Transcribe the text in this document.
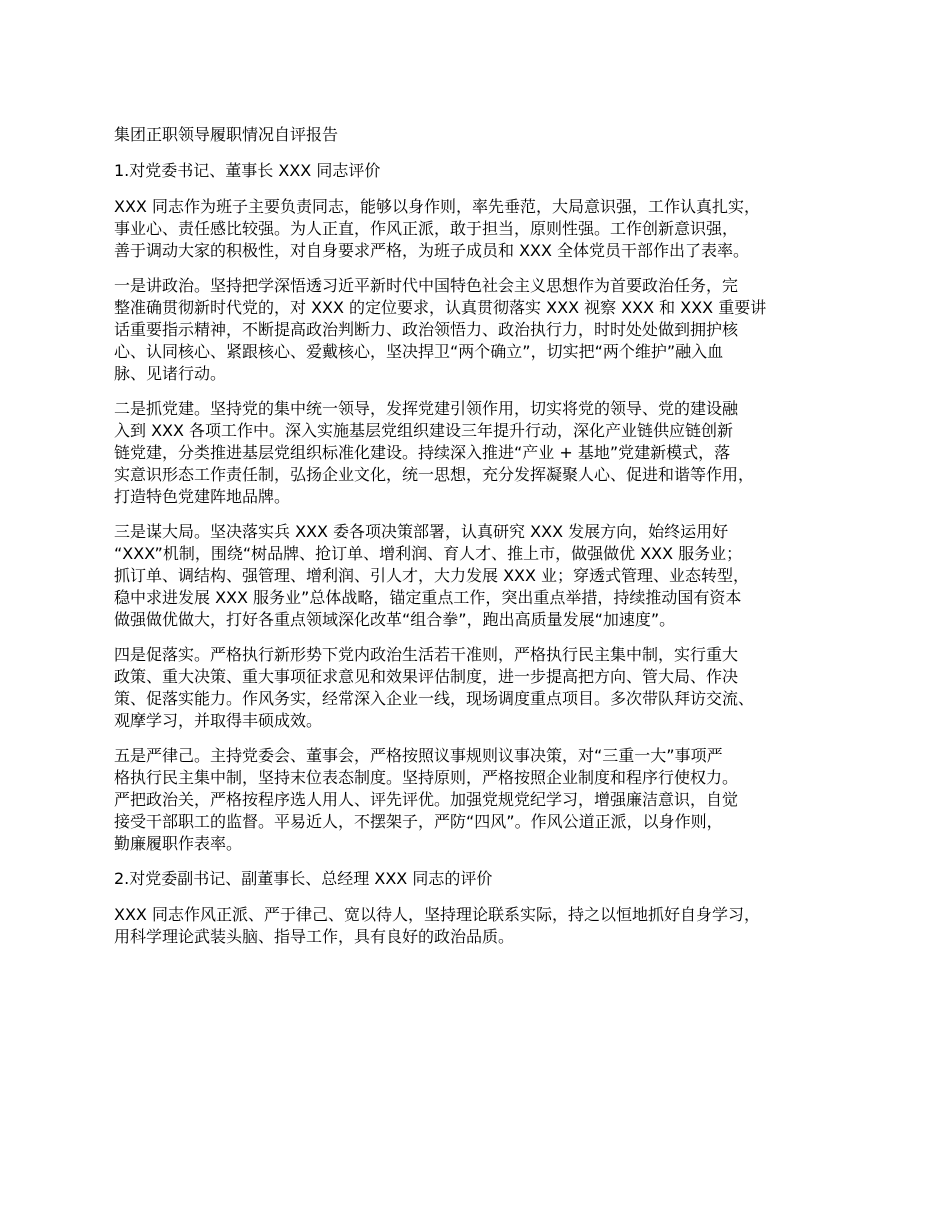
集团正职领导履职情况自评报告

1.对党委书记、董事长 XXX 同志评价

XXX 同志作为班子主要负责同志，能够以身作则，率先垂范，大局意识强，工作认真扎实，
事业心、责任感比较强。为人正直，作风正派，敢于担当，原则性强。工作创新意识强，
善于调动大家的积极性，对自身要求严格，为班子成员和 XXX 全体党员干部作出了表率。

一是讲政治。坚持把学深悟透习近平新时代中国特色社会主义思想作为首要政治任务，完
整准确贯彻新时代党的，对 XXX 的定位要求，认真贯彻落实 XXX 视察 XXX 和 XXX 重要讲
话重要指示精神，不断提高政治判断力、政治领悟力、政治执行力，时时处处做到拥护核
心、认同核心、紧跟核心、爱戴核心，坚决捍卫“两个确立”，切实把“两个维护”融入血
脉、见诸行动。

二是抓党建。坚持党的集中统一领导，发挥党建引领作用，切实将党的领导、党的建设融
入到 XXX 各项工作中。深入实施基层党组织建设三年提升行动，深化产业链供应链创新
链党建，分类推进基层党组织标准化建设。持续深入推进“产业 + 基地”党建新模式，落
实意识形态工作责任制，弘扬企业文化，统一思想，充分发挥凝聚人心、促进和谐等作用，
打造特色党建阵地品牌。

三是谋大局。坚决落实兵 XXX 委各项决策部署，认真研究 XXX 发展方向，始终运用好
“XXX”机制，围绕“树品牌、抢订单、增利润、育人才、推上市，做强做优 XXX 服务业；
抓订单、调结构、强管理、增利润、引人才，大力发展 XXX 业；穿透式管理、业态转型，
稳中求进发展 XXX 服务业”总体战略，锚定重点工作，突出重点举措，持续推动国有资本
做强做优做大，打好各重点领域深化改革“组合拳”，跑出高质量发展“加速度”。

四是促落实。严格执行新形势下党内政治生活若干准则，严格执行民主集中制，实行重大
政策、重大决策、重大事项征求意见和效果评估制度，进一步提高把方向、管大局、作决
策、促落实能力。作风务实，经常深入企业一线，现场调度重点项目。多次带队拜访交流、
观摩学习，并取得丰硕成效。

五是严律己。主持党委会、董事会，严格按照议事规则议事决策，对“三重一大”事项严
格执行民主集中制，坚持末位表态制度。坚持原则，严格按照企业制度和程序行使权力。
严把政治关，严格按程序选人用人、评先评优。加强党规党纪学习，增强廉洁意识，自觉
接受干部职工的监督。平易近人，不摆架子，严防“四风”。作风公道正派，以身作则，
勤廉履职作表率。

2.对党委副书记、副董事长、总经理 XXX 同志的评价

XXX 同志作风正派、严于律己、宽以待人，坚持理论联系实际，持之以恒地抓好自身学习，
用科学理论武装头脑、指导工作，具有良好的政治品质。
